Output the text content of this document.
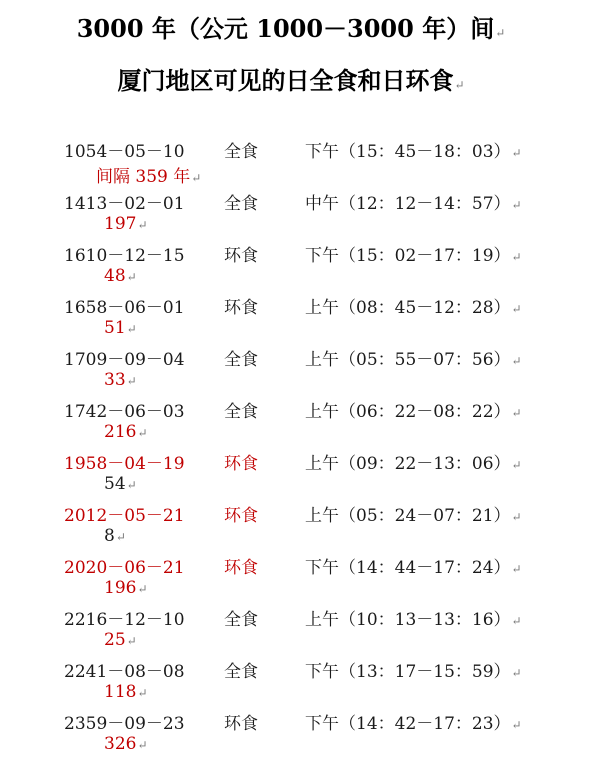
3000 年（公元 1000－3000 年）间↵
厦门地区可见的日全食和日环食↵
1054－05－10 全食	下午（15：45－18：03）↵
间隔 359 年↵
1413－02－01 全食	中午（12：12－14：57）↵
197↵
1610－12－15 环食	下午（15：02－17：19）↵
48↵
1658－06－01 环食	上午（08：45－12：28）↵
51↵
1709－09－04 全食	上午（05：55－07：56）↵
33↵
1742－06－03 全食	上午（06：22－08：22）↵
216↵
1958－04－19 环食	上午（09：22－13：06）↵
54↵
2012－05－21 环食	上午（05：24－07：21）↵
8↵
2020－06－21 环食	下午（14：44－17：24）↵
196↵
2216－12－10 全食	上午（10：13－13：16）↵
25↵
2241－08－08 全食	下午（13：17－15：59）↵
118↵
2359－09－23 环食	下午（14：42－17：23）↵
326↵
